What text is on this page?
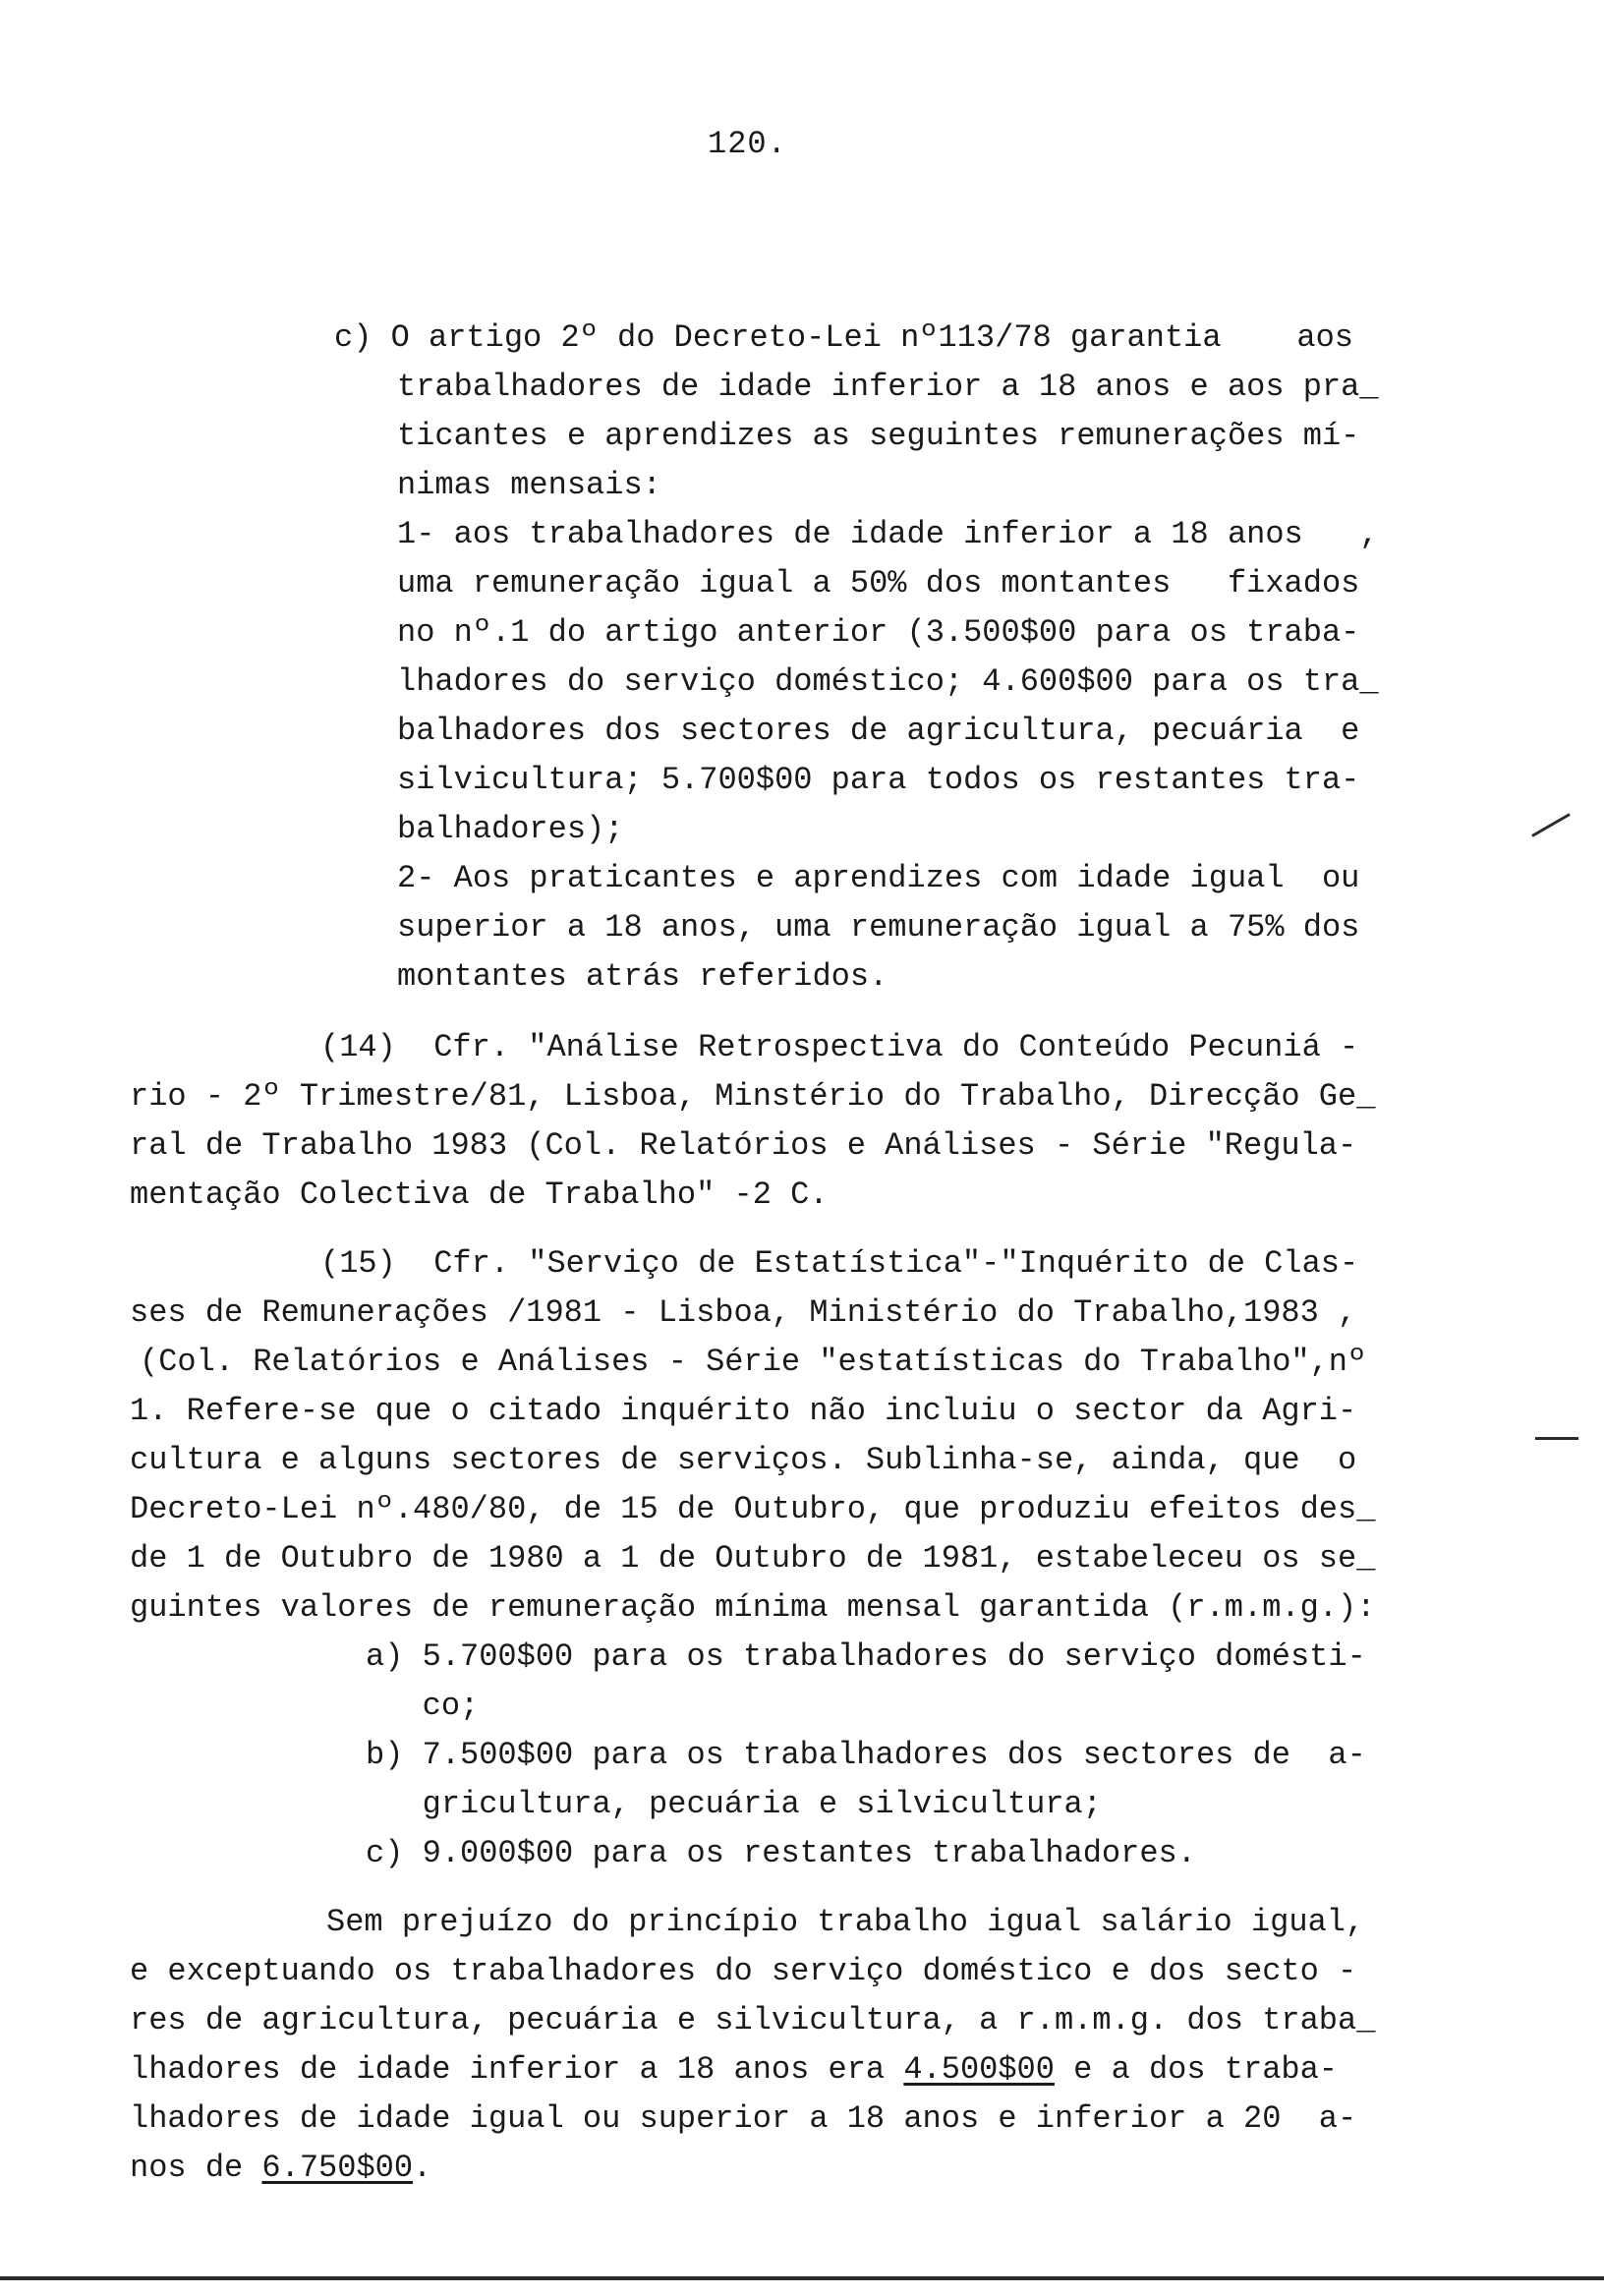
120.
c) O artigo 2º do Decreto-Lei nº113/78 garantia    aos
trabalhadores de idade inferior a 18 anos e aos pra_
ticantes e aprendizes as seguintes remunerações mí-
nimas mensais:
1- aos trabalhadores de idade inferior a 18 anos   ,
uma remuneração igual a 50% dos montantes   fixados
no nº.1 do artigo anterior (3.500$00 para os traba-
lhadores do serviço doméstico; 4.600$00 para os tra_
balhadores dos sectores de agricultura, pecuária  e
silvicultura; 5.700$00 para todos os restantes tra-
balhadores);
2- Aos praticantes e aprendizes com idade igual  ou
superior a 18 anos, uma remuneração igual a 75% dos
montantes atrás referidos.
(14)  Cfr. "Análise Retrospectiva do Conteúdo Pecuniá -
rio - 2º Trimestre/81, Lisboa, Minstério do Trabalho, Direcção Ge_
ral de Trabalho 1983 (Col. Relatórios e Análises - Série "Regula-
mentação Colectiva de Trabalho" -2 C.
(15)  Cfr. "Serviço de Estatística"-"Inquérito de Clas-
ses de Remunerações /1981 - Lisboa, Ministério do Trabalho,1983 ,
(Col. Relatórios e Análises - Série "estatísticas do Trabalho",nº
1. Refere-se que o citado inquérito não incluiu o sector da Agri-
cultura e alguns sectores de serviços. Sublinha-se, ainda, que  o
Decreto-Lei nº.480/80, de 15 de Outubro, que produziu efeitos des_
de 1 de Outubro de 1980 a 1 de Outubro de 1981, estabeleceu os se_
guintes valores de remuneração mínima mensal garantida (r.m.m.g.):
a) 5.700$00 para os trabalhadores do serviço domésti-
co;
b) 7.500$00 para os trabalhadores dos sectores de  a-
gricultura, pecuária e silvicultura;
c) 9.000$00 para os restantes trabalhadores.
Sem prejuízo do princípio trabalho igual salário igual,
e exceptuando os trabalhadores do serviço doméstico e dos secto -
res de agricultura, pecuária e silvicultura, a r.m.m.g. dos traba_
lhadores de idade inferior a 18 anos era 4.500$00 e a dos traba-
lhadores de idade igual ou superior a 18 anos e inferior a 20  a-
nos de 6.750$00.
